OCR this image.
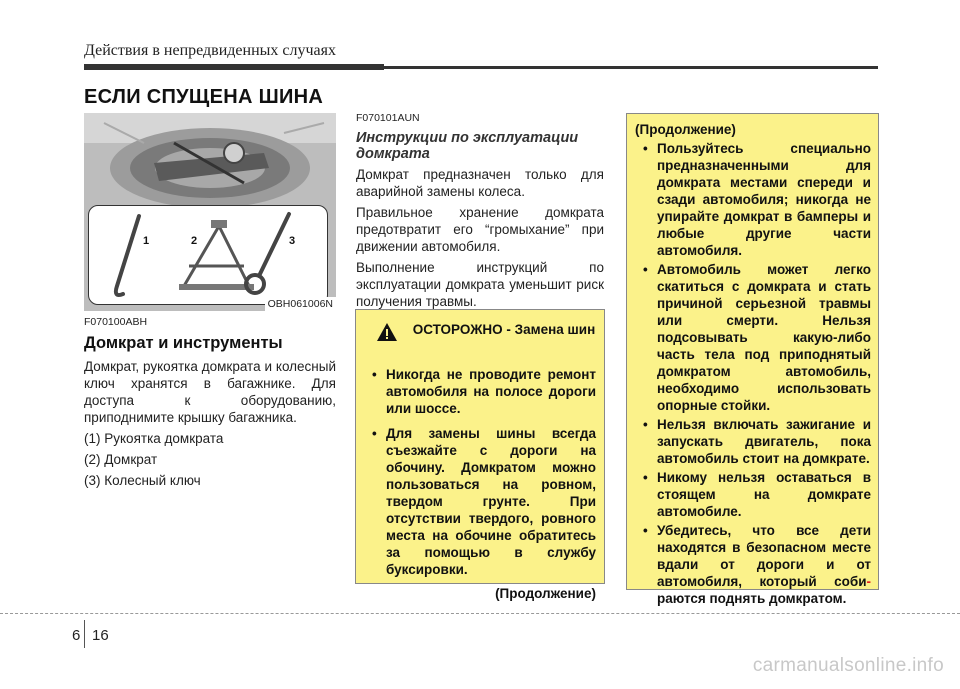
Действия в непредвиденных случаях
ЕСЛИ СПУЩЕНА ШИНА
1	2	3
OBH061006N
F070100ABH
Домкрат и инструменты

Домкрат, рукоятка домкрата и колесный ключ хранятся в багажнике. Для доступа к оборудованию, приподнимите крышку багажника.

(1) Рукоятка домкрата

(2) Домкрат

(3) Колесный ключ

F070101AUN
Инструкции по эксплуатации домкрата

Домкрат предназначен только для аварийной замены колеса.

Правильное хранение домкрата предотвратит его “громыхание” при движении автомобиля.

Выполнение инструкций по эксплуатации домкрата уменьшит риск получения травмы.

ОСТОРОЖНО - Замена шин
• Никогда не проводите ремонт автомобиля на полосе дороги или шоссе.
• Для замены шины всегда съезжайте с дороги на обочину. Домкратом можно пользоваться на ровном, твердом грунте. При отсутствии твердого, ровного места на обочине обратитесь за помощью в службу буксировки.
(Продолжение)
(Продолжение)
• Пользуйтесь специально предназначенными для домкрата местами спереди и сзади автомобиля; никогда не упирайте домкрат в бамперы и любые другие части автомобиля.
• Автомобиль может легко скатиться с домкрата и стать причиной серьезной травмы или смерти. Нельзя подсовывать какую-либо часть тела под приподнятый домкратом автомобиль, необходимо использовать опорные стойки.
• Нельзя включать зажигание и запускать двигатель, пока автомобиль стоит на домкрате.
• Никому нельзя оставаться в стоящем на домкрате автомобиле.
• Убедитесь, что все дети находятся в безопасном месте вдали от дороги и от автомобиля, который соби- раются поднять домкратом.
6 16
carmanualsonline.info
